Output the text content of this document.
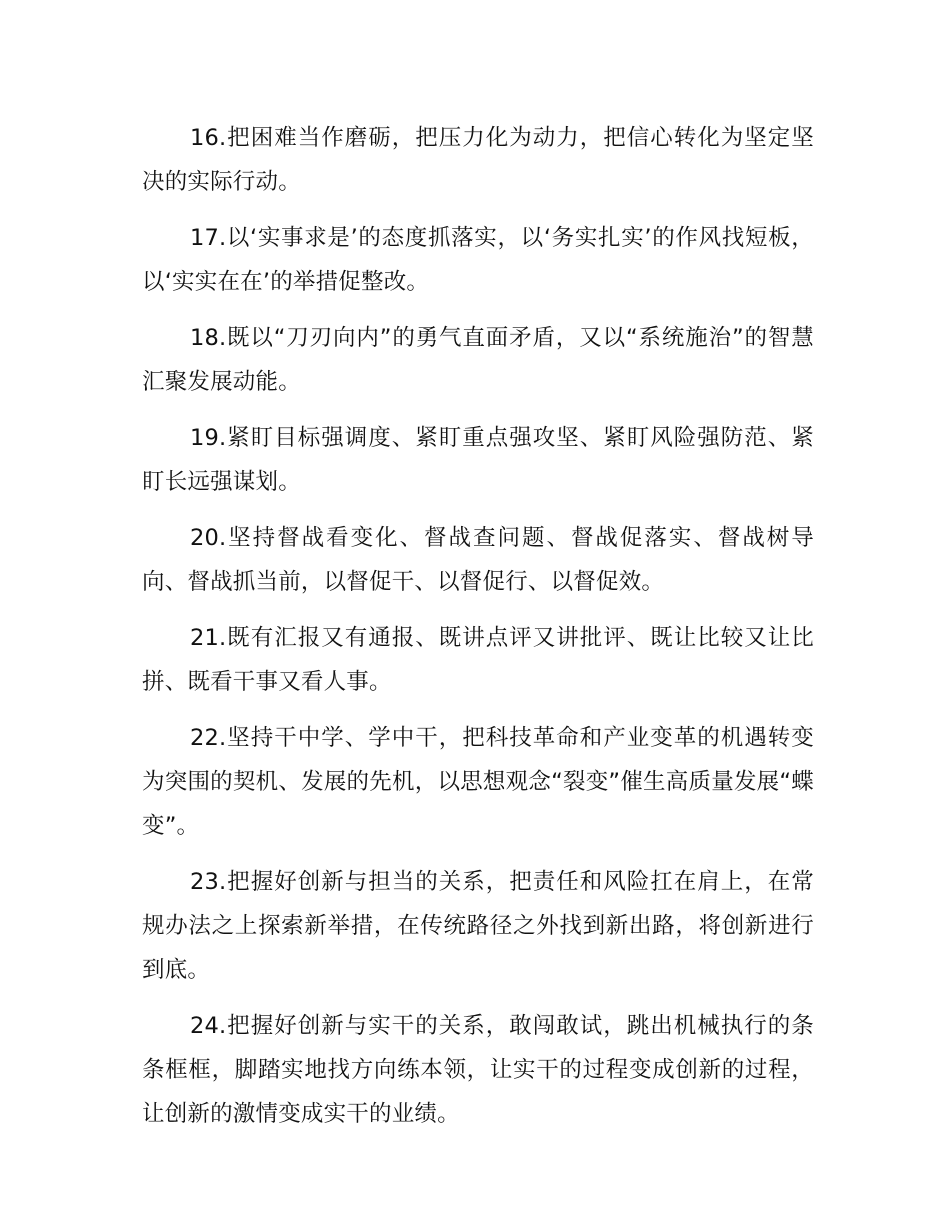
16.把困难当作磨砺，把压力化为动力，把信心转化为坚定坚决的实际行动。

17.以‘实事求是’的态度抓落实，以‘务实扎实’的作风找短板，以‘实实在在’的举措促整改。

18.既以“刀刃向内”的勇气直面矛盾，又以“系统施治”的智慧汇聚发展动能。

19.紧盯目标强调度、紧盯重点强攻坚、紧盯风险强防范、紧盯长远强谋划。

20.坚持督战看变化、督战查问题、督战促落实、督战树导向、督战抓当前，以督促干、以督促行、以督促效。

21.既有汇报又有通报、既讲点评又讲批评、既让比较又让比拼、既看干事又看人事。

22.坚持干中学、学中干，把科技革命和产业变革的机遇转变为突围的契机、发展的先机，以思想观念“裂变”催生高质量发展“蝶变”。

23.把握好创新与担当的关系，把责任和风险扛在肩上，在常规办法之上探索新举措，在传统路径之外找到新出路，将创新进行到底。

24.把握好创新与实干的关系，敢闯敢试，跳出机械执行的条条框框，脚踏实地找方向练本领，让实干的过程变成创新的过程，让创新的激情变成实干的业绩。
